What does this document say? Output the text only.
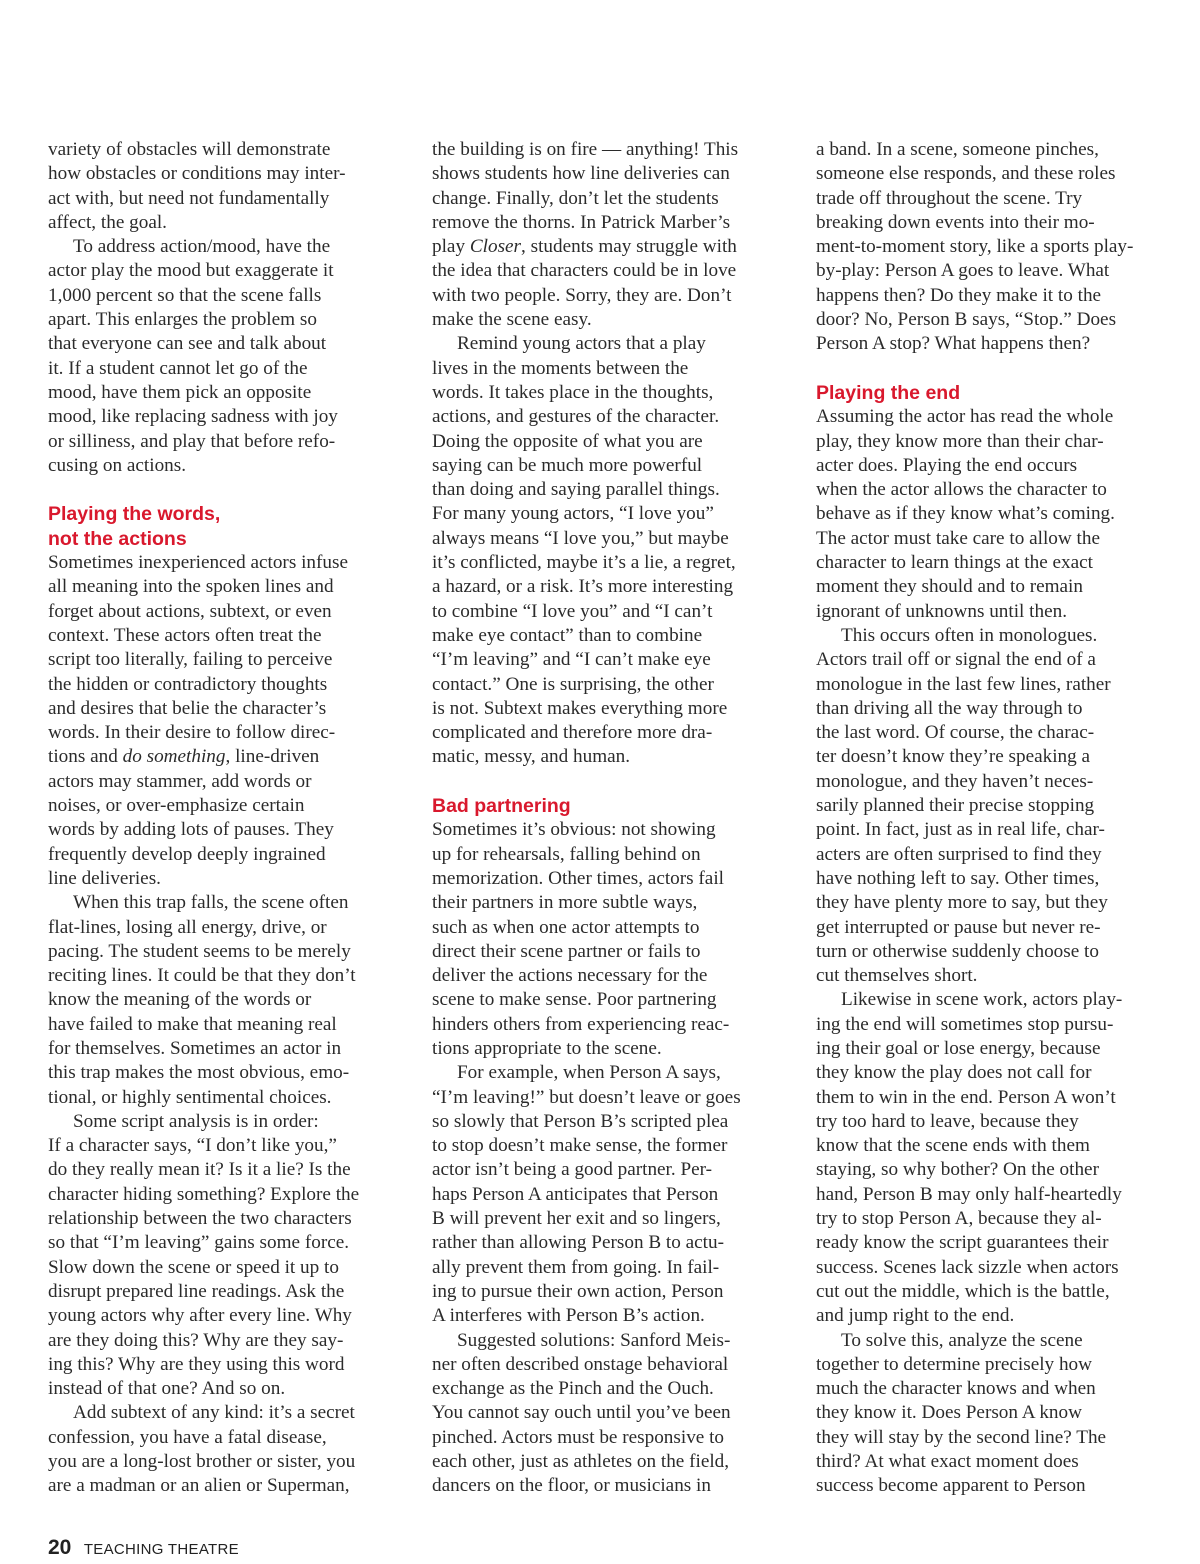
variety of obstacles will demonstrate
how obstacles or conditions may inter-
act with, but need not fundamentally
affect, the goal.
To address action/mood, have the
actor play the mood but exaggerate it
1,000 percent so that the scene falls
apart. This enlarges the problem so
that everyone can see and talk about
it. If a student cannot let go of the
mood, have them pick an opposite
mood, like replacing sadness with joy
or silliness, and play that before refo-
cusing on actions.
Playing the words,
not the actions
Sometimes inexperienced actors infuse
all meaning into the spoken lines and
forget about actions, subtext, or even
context. These actors often treat the
script too literally, failing to perceive
the hidden or contradictory thoughts
and desires that belie the character’s
words. In their desire to follow direc-
tions and do something, line-driven
actors may stammer, add words or
noises, or over-emphasize certain
words by adding lots of pauses. They
frequently develop deeply ingrained
line deliveries.
When this trap falls, the scene often
flat-lines, losing all energy, drive, or
pacing. The student seems to be merely
reciting lines. It could be that they don’t
know the meaning of the words or
have failed to make that meaning real
for themselves. Sometimes an actor in
this trap makes the most obvious, emo-
tional, or highly sentimental choices.
Some script analysis is in order:
If a character says, “I don’t like you,”
do they really mean it? Is it a lie? Is the
character hiding something? Explore the
relationship between the two characters
so that “I’m leaving” gains some force.
Slow down the scene or speed it up to
disrupt prepared line readings. Ask the
young actors why after every line. Why
are they doing this? Why are they say-
ing this? Why are they using this word
instead of that one? And so on.
Add subtext of any kind: it’s a secret
confession, you have a fatal disease,
you are a long-lost brother or sister, you
are a madman or an alien or Superman,
the building is on fire — anything! This
shows students how line deliveries can
change. Finally, don’t let the students
remove the thorns. In Patrick Marber’s
play Closer, students may struggle with
the idea that characters could be in love
with two people. Sorry, they are. Don’t
make the scene easy.
Remind young actors that a play
lives in the moments between the
words. It takes place in the thoughts,
actions, and gestures of the character.
Doing the opposite of what you are
saying can be much more powerful
than doing and saying parallel things.
For many young actors, “I love you”
always means “I love you,” but maybe
it’s conflicted, maybe it’s a lie, a regret,
a hazard, or a risk. It’s more interesting
to combine “I love you” and “I can’t
make eye contact” than to combine
“I’m leaving” and “I can’t make eye
contact.” One is surprising, the other
is not. Subtext makes everything more
complicated and therefore more dra-
matic, messy, and human.
Bad partnering
Sometimes it’s obvious: not showing
up for rehearsals, falling behind on
memorization. Other times, actors fail
their partners in more subtle ways,
such as when one actor attempts to
direct their scene partner or fails to
deliver the actions necessary for the
scene to make sense. Poor partnering
hinders others from experiencing reac-
tions appropriate to the scene.
For example, when Person A says,
“I’m leaving!” but doesn’t leave or goes
so slowly that Person B’s scripted plea
to stop doesn’t make sense, the former
actor isn’t being a good partner. Per-
haps Person A anticipates that Person
B will prevent her exit and so lingers,
rather than allowing Person B to actu-
ally prevent them from going. In fail-
ing to pursue their own action, Person
A interferes with Person B’s action.
Suggested solutions: Sanford Meis-
ner often described onstage behavioral
exchange as the Pinch and the Ouch.
You cannot say ouch until you’ve been
pinched. Actors must be responsive to
each other, just as athletes on the field,
dancers on the floor, or musicians in
a band. In a scene, someone pinches,
someone else responds, and these roles
trade off throughout the scene. Try
breaking down events into their mo-
ment-to-moment story, like a sports play-
by-play: Person A goes to leave. What
happens then? Do they make it to the
door? No, Person B says, “Stop.” Does
Person A stop? What happens then?
Playing the end
Assuming the actor has read the whole
play, they know more than their char-
acter does. Playing the end occurs
when the actor allows the character to
behave as if they know what’s coming.
The actor must take care to allow the
character to learn things at the exact
moment they should and to remain
ignorant of unknowns until then.
This occurs often in monologues.
Actors trail off or signal the end of a
monologue in the last few lines, rather
than driving all the way through to
the last word. Of course, the charac-
ter doesn’t know they’re speaking a
monologue, and they haven’t neces-
sarily planned their precise stopping
point. In fact, just as in real life, char-
acters are often surprised to find they
have nothing left to say. Other times,
they have plenty more to say, but they
get interrupted or pause but never re-
turn or otherwise suddenly choose to
cut themselves short.
Likewise in scene work, actors play-
ing the end will sometimes stop pursu-
ing their goal or lose energy, because
they know the play does not call for
them to win in the end. Person A won’t
try too hard to leave, because they
know that the scene ends with them
staying, so why bother? On the other
hand, Person B may only half-heartedly
try to stop Person A, because they al-
ready know the script guarantees their
success. Scenes lack sizzle when actors
cut out the middle, which is the battle,
and jump right to the end.
To solve this, analyze the scene
together to determine precisely how
much the character knows and when
they know it. Does Person A know
they will stay by the second line? The
third? At what exact moment does
success become apparent to Person
20 TEACHING THEATRE
